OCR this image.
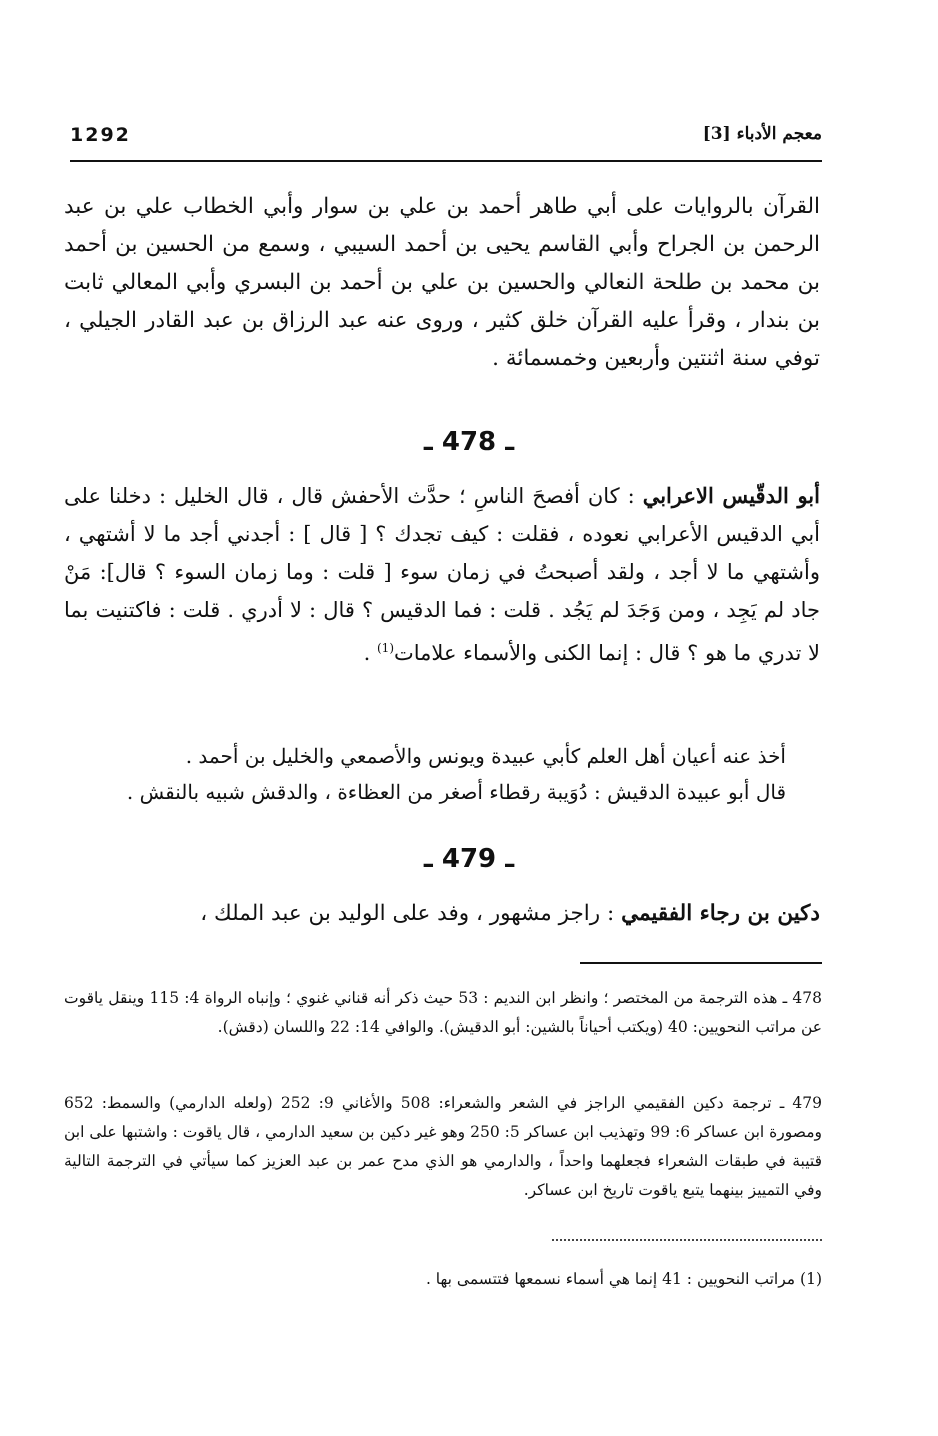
1292	معجم الأدباء [3]
القرآن بالروايات على أبي طاهر أحمد بن علي بن سوار وأبي الخطاب علي بن عبد الرحمن بن الجراح وأبي القاسم يحيى بن أحمد السيبي ، وسمع من الحسين بن أحمد بن محمد بن طلحة النعالي والحسين بن علي بن أحمد بن البسري وأبي المعالي ثابت بن بندار ، وقرأ عليه القرآن خلق كثير ، وروى عنه عبد الرزاق بن عبد القادر الجيلي ، توفي سنة اثنتين وأربعين وخمسمائة .
ـ 478 ـ
أبو الدقّيس الاعرابي : كان أفصحَ الناسِ ؛ حدَّث الأحفش قال ، قال الخليل : دخلنا على أبي الدقيس الأعرابي نعوده ، فقلت : كيف تجدك ؟ [ قال ] : أجدني أجد ما لا أشتهي ، وأشتهي ما لا أجد ، ولقد أصبحتُ في زمان سوء [ قلت : وما زمان السوء ؟ قال]: مَنْ جاد لم يَجِد ، ومن وَجَدَ لم يَجُد . قلت : فما الدقيس ؟ قال : لا أدري . قلت : فاكتنيت بما لا تدري ما هو ؟ قال : إنما الكنى والأسماء علامات$^{(1)}$ .
أخذ عنه أعيان أهل العلم كأبي عبيدة ويونس والأصمعي والخليل بن أحمد .
قال أبو عبيدة الدقيش : دُوَيبة رقطاء أصغر من العظاءة ، والدقش شبيه بالنقش .
ـ 479 ـ
دكين بن رجاء الفقيمي : راجز مشهور ، وفد على الوليد بن عبد الملك ،
478 ـ هذه الترجمة من المختصر ؛ وانظر ابن النديم : 53 حيث ذكر أنه قناني غنوي ؛ وإنباه الرواة 4: 115 وينقل ياقوت عن مراتب النحويين: 40 (ويكتب أحياناً بالشين: أبو الدقيش). والوافي 14: 22 واللسان (دقش).
479 ـ ترجمة دكين الفقيمي الراجز في الشعر والشعراء: 508 والأغاني 9: 252 (ولعله الدارمي) والسمط: 652 ومصورة ابن عساكر 6: 99 وتهذيب ابن عساكر 5: 250 وهو غير دكين بن سعيد الدارمي ، قال ياقوت : واشتبها على ابن قتيبة في طبقات الشعراء فجعلهما واحداً ، والدارمي هو الذي مدح عمر بن عبد العزيز كما سيأتي في الترجمة التالية وفي التمييز بينهما يتبع ياقوت تاريخ ابن عساكر.
(1) مراتب النحويين : 41 إنما هي أسماء نسمعها فتتسمى بها .
